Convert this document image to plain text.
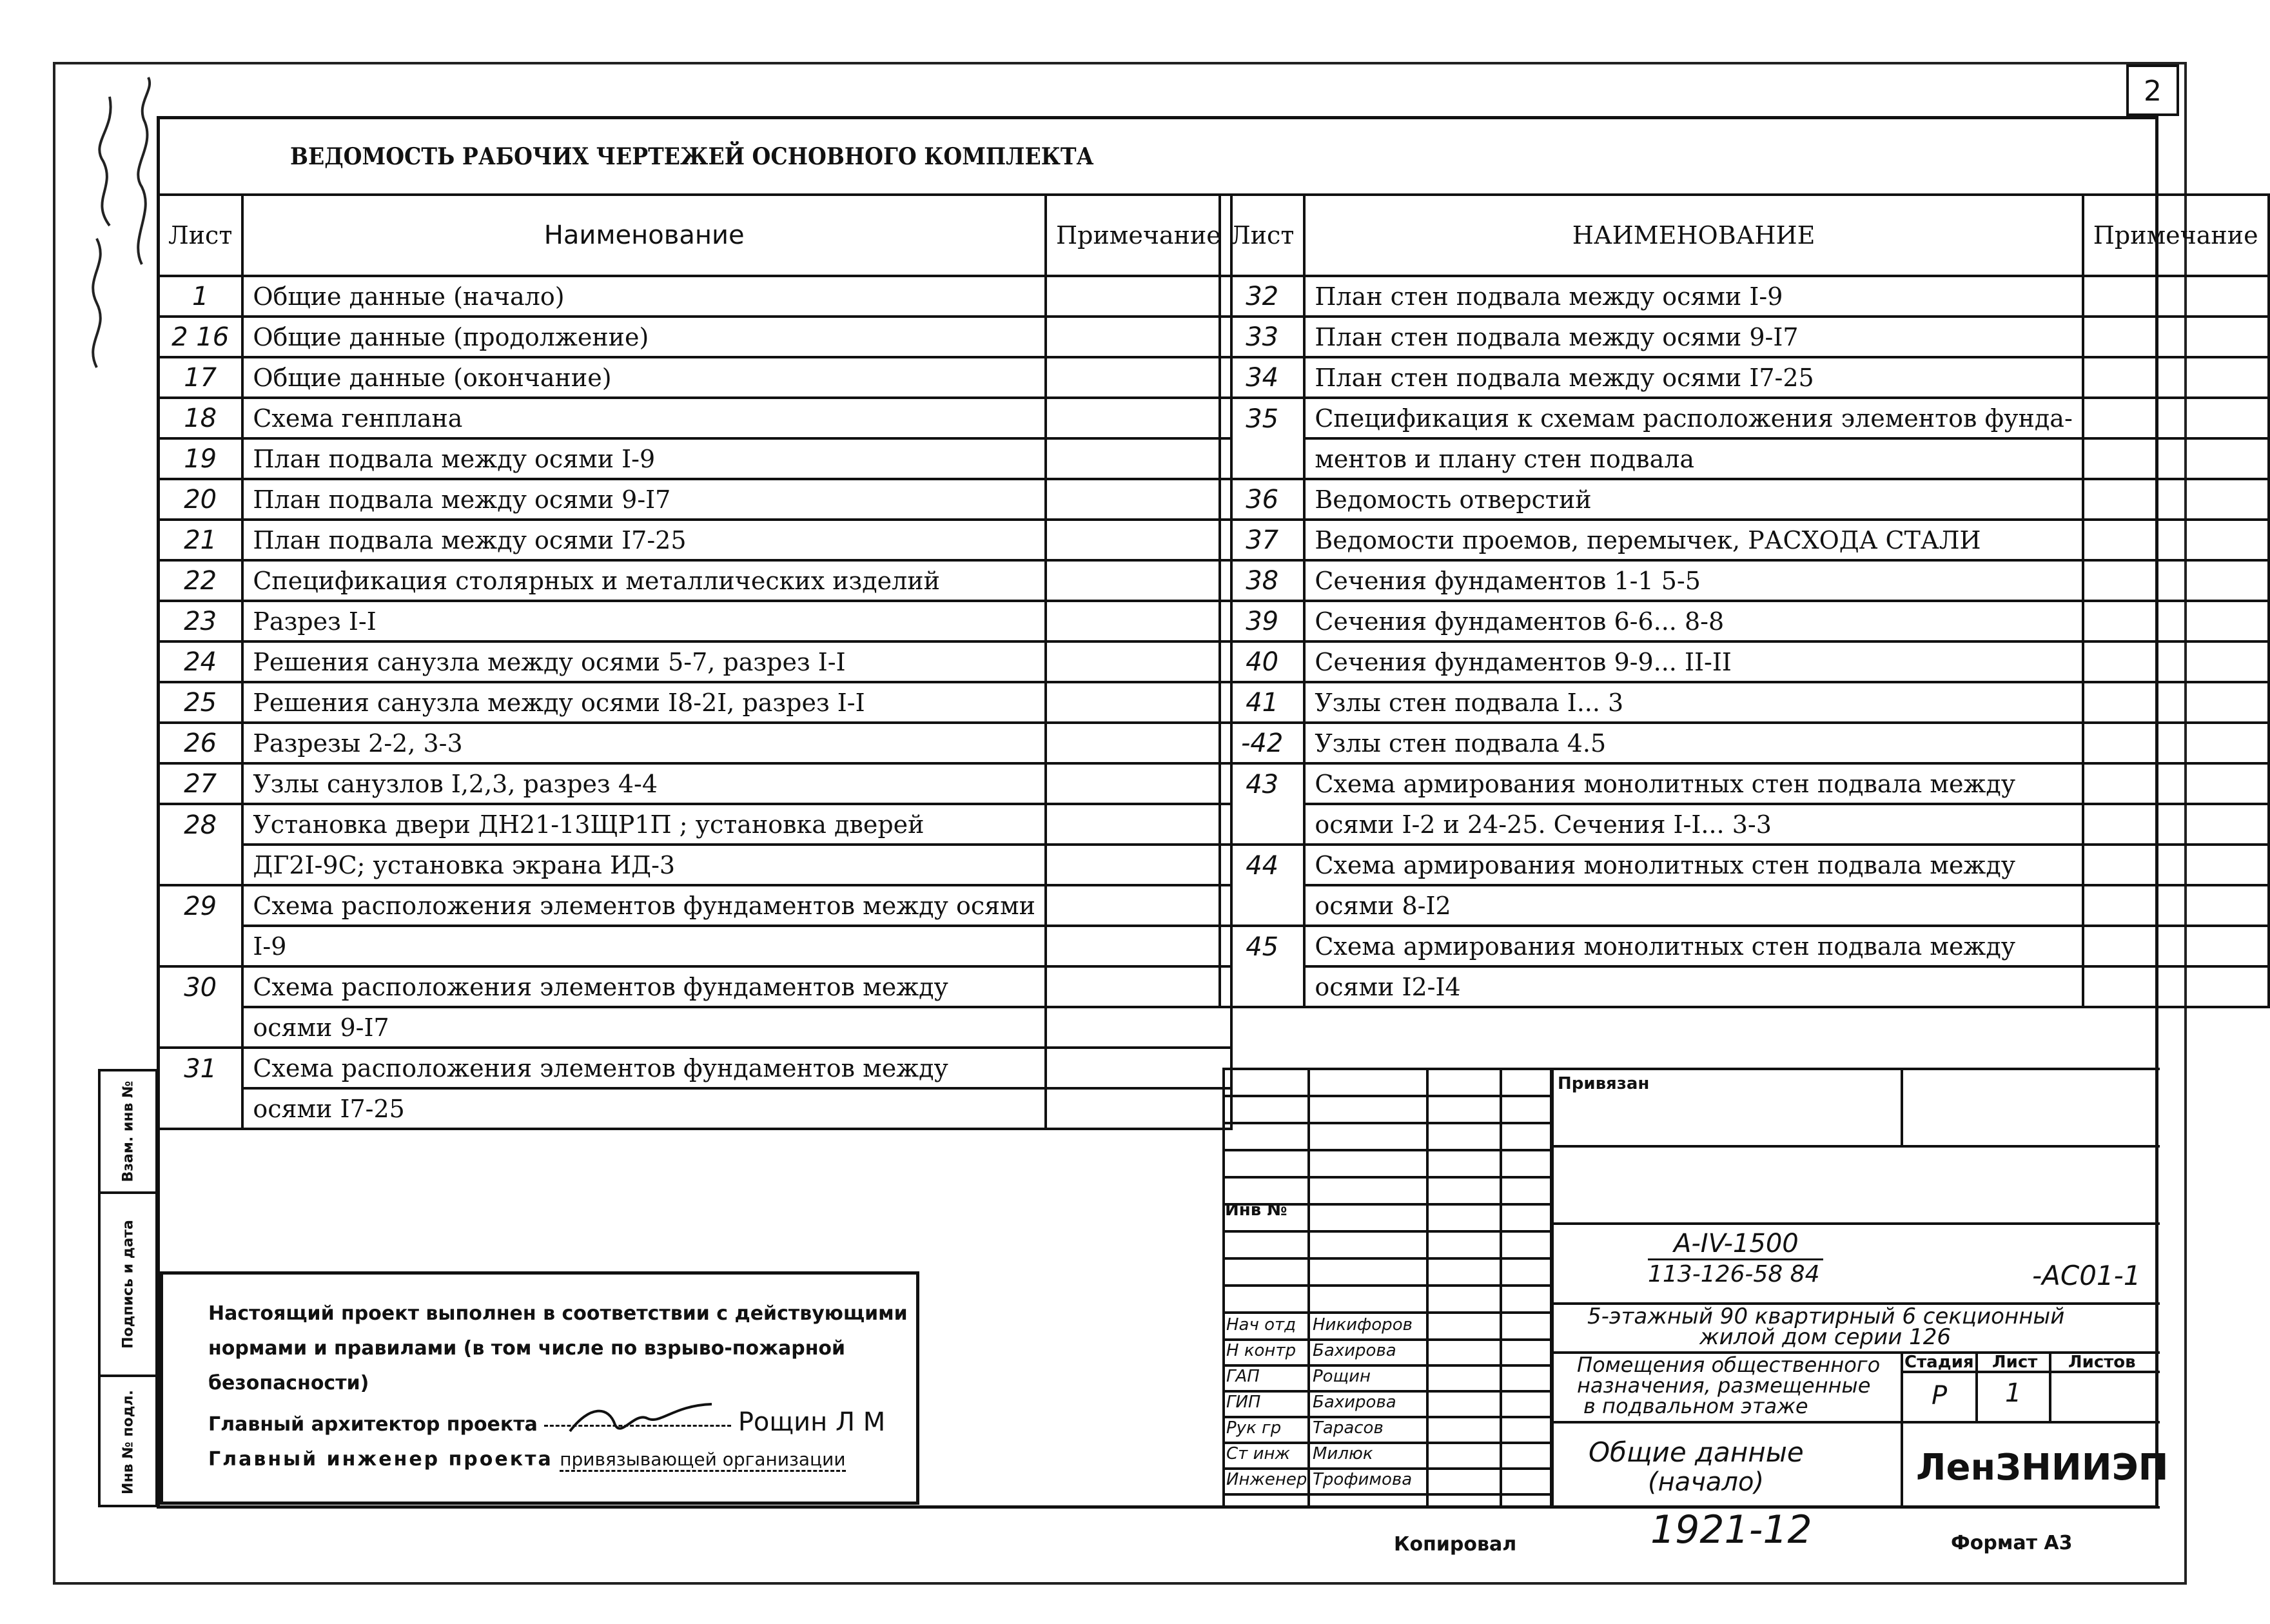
2
ВЕДОМОСТЬ РАБОЧИХ ЧЕРТЕЖЕЙ ОСНОВНОГО КОМПЛЕКТА
Лист	Наименование	Примечание
1	Общие данные (начало)	
2 16	Общие данные (продолжение)	
17	Общие данные (окончание)	
18	Схема генплана	
19	План подвала между осями I-9	
20	План подвала между осями 9-I7	
21	План подвала между осями I7-25	
22	Спецификация столярных и металлических изделий	
23	Разрез I-I	
24	Решения санузла между осями 5-7, разрез I-I	
25	Решения санузла между осями I8-2I, разрез I-I	
26	Разрезы 2-2, 3-3	
27	Узлы санузлов I,2,3, разрез 4-4	
28	Установка двери ДН21-13ЩР1П ; установка дверей	
	ДГ2I-9С; установка экрана ИД-3	
29	Схема расположения элементов фундаментов между осями	
	I-9	
30	Схема расположения элементов фундаментов между	
	осями 9-I7	
31	Схема расположения элементов фундаментов между	
	осями I7-25	
Лист	НАИМЕНОВАНИЕ	Примечание
32	План стен подвала между осями I-9	
33	План стен подвала между осями 9-I7	
34	План стен подвала между осями I7-25	
35	Спецификация к схемам расположения элементов фунда-	
	ментов и плану стен подвала	
36	Ведомость отверстий	
37	Ведомости проемов, перемычек, РАСХОДА СТАЛИ	
38	Сечения фундаментов 1-1 5-5	
39	Сечения фундаментов 6-6... 8-8	
40	Сечения фундаментов 9-9... II-II	
41	Узлы стен подвала I... 3	
-42	Узлы стен подвала 4.5	
43	Схема армирования монолитных стен подвала между	
	осями I-2 и 24-25. Сечения I-I... 3-3	
44	Схема армирования монолитных стен подвала между	
	осями 8-I2	
45	Схема армирования монолитных стен подвала между	
	осями I2-I4	
Настоящий проект выполнен в соответствии с действующими
нормами и правилами (в том числе по взрыво-пожарной
безопасности)
Главный архитектор проекта	Рощин Л М
Главный инженер проекта привязывающей организации
Взам. инв №
Подпись и дата
Инв № подл.
Инв №
Нач отд Никифоров
Н контр Бахирова
ГАП	Рощин
ГИП	Бахирова
Рук гр Тарасов
Ст инж Милюк
Инженер Трофимова
Привязан
А-IV-1500
113-126-58 84	-АС01-1
5-этажный 90 квартирный 6 секционный
жилой дом серии 126
Помещения общественного
назначения, размещенные
в подвальном этаже
Общие данные
(начало)
Стадия Лист Листов
Р 1
ЛенЗНИИЭП
Копировал	1921-12	Формат А3
